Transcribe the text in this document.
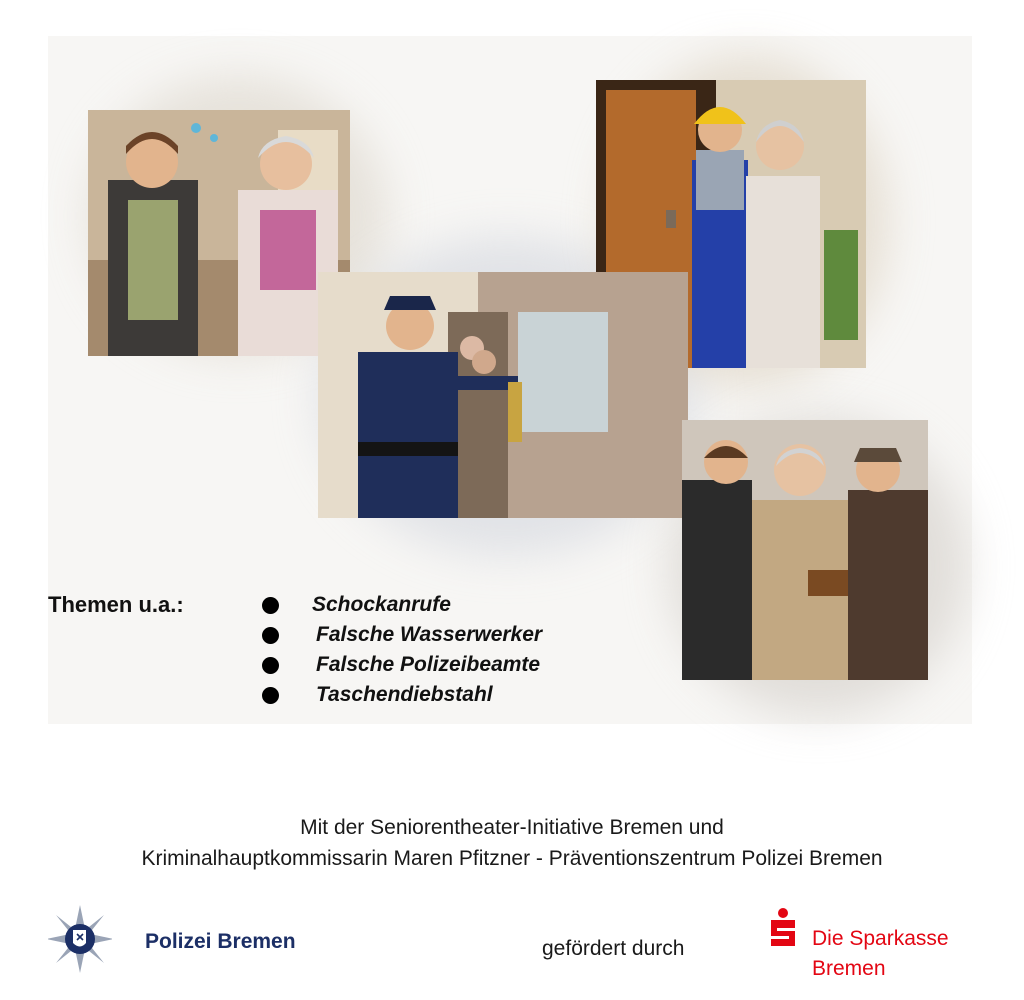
Themen u.a.:	Schockanrufe
Falsche Wasserwerker
Falsche Polizeibeamte
Taschendiebstahl
Mit der Seniorentheater-Initiative Bremen und
Kriminalhauptkommissarin Maren Pfitzner - Präventionszentrum Polizei Bremen
Polizei Bremen	gefördert durch	Die Sparkasse
Bremen
